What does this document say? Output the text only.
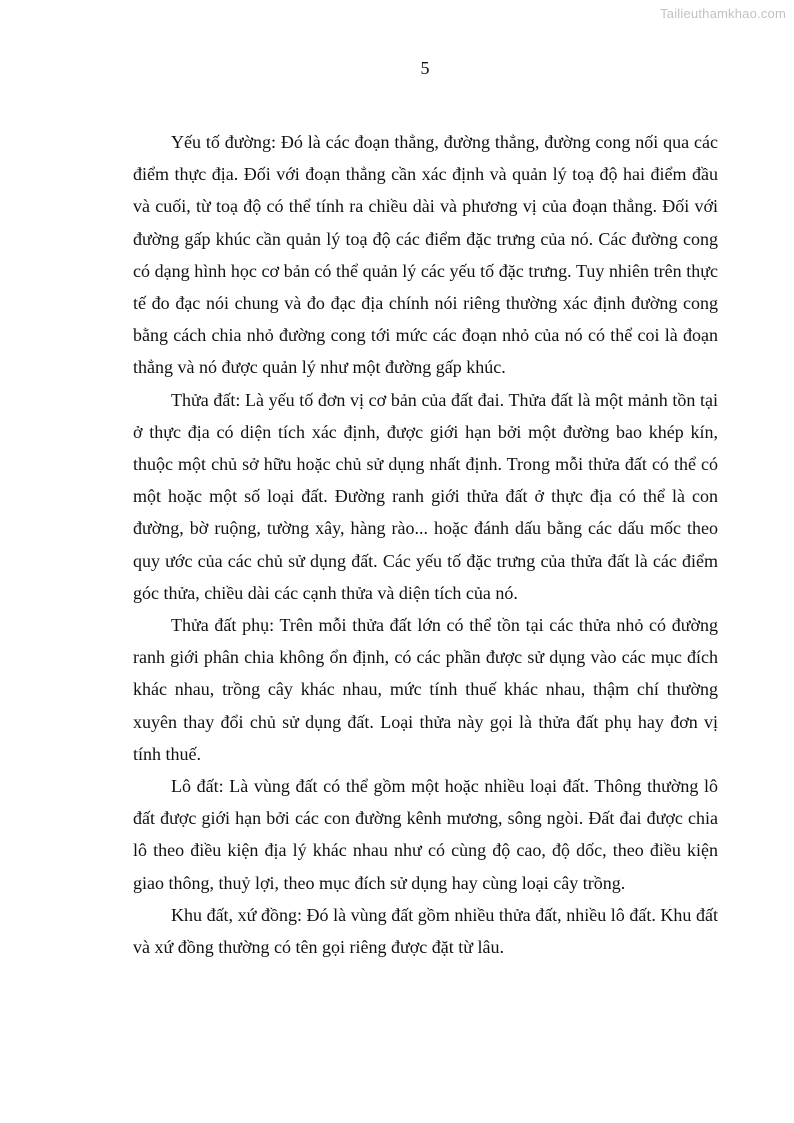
Tailieuthamkhao.com
5

Yếu tố đường: Đó là các đoạn thẳng, đường thẳng, đường cong nối qua các điểm thực địa. Đối với đoạn thẳng cần xác định và quản lý toạ độ hai điểm đầu và cuối, từ toạ độ có thể tính ra chiều dài và phương vị của đoạn thẳng. Đối với đường gấp khúc cần quản lý toạ độ các điểm đặc trưng của nó. Các đường cong có dạng hình học cơ bản có thể quản lý các yếu tố đặc trưng. Tuy nhiên trên thực tế đo đạc nói chung và đo đạc địa chính nói riêng thường xác định đường cong bằng cách chia nhỏ đường cong tới mức các đoạn nhỏ của nó có thể coi là đoạn thẳng và nó được quản lý như một đường gấp khúc.

Thửa đất: Là yếu tố đơn vị cơ bản của đất đai. Thửa đất là một mảnh tồn tại ở thực địa có diện tích xác định, được giới hạn bởi một đường bao khép kín, thuộc một chủ sở hữu hoặc chủ sử dụng nhất định. Trong mỗi thửa đất có thể có một hoặc một số loại đất. Đường ranh giới thửa đất ở thực địa có thể là con đường, bờ ruộng, tường xây, hàng rào... hoặc đánh dấu bằng các dấu mốc theo quy ước của các chủ sử dụng đất. Các yếu tố đặc trưng của thửa đất là các điểm góc thửa, chiều dài các cạnh thửa và diện tích của nó.

Thửa đất phụ: Trên mỗi thửa đất lớn có thể tồn tại các thửa nhỏ có đường ranh giới phân chia không ổn định, có các phần được sử dụng vào các mục đích khác nhau, trồng cây khác nhau, mức tính thuế khác nhau, thậm chí thường xuyên thay đổi chủ sử dụng đất. Loại thửa này gọi là thửa đất phụ hay đơn vị tính thuế.

Lô đất: Là vùng đất có thể gồm một hoặc nhiều loại đất. Thông thường lô đất được giới hạn bởi các con đường kênh mương, sông ngòi. Đất đai được chia lô theo điều kiện địa lý khác nhau như có cùng độ cao, độ dốc, theo điều kiện giao thông, thuỷ lợi, theo mục đích sử dụng hay cùng loại cây trồng.

Khu đất, xứ đồng: Đó là vùng đất gồm nhiều thửa đất, nhiều lô đất. Khu đất và xứ đồng thường có tên gọi riêng được đặt từ lâu.
